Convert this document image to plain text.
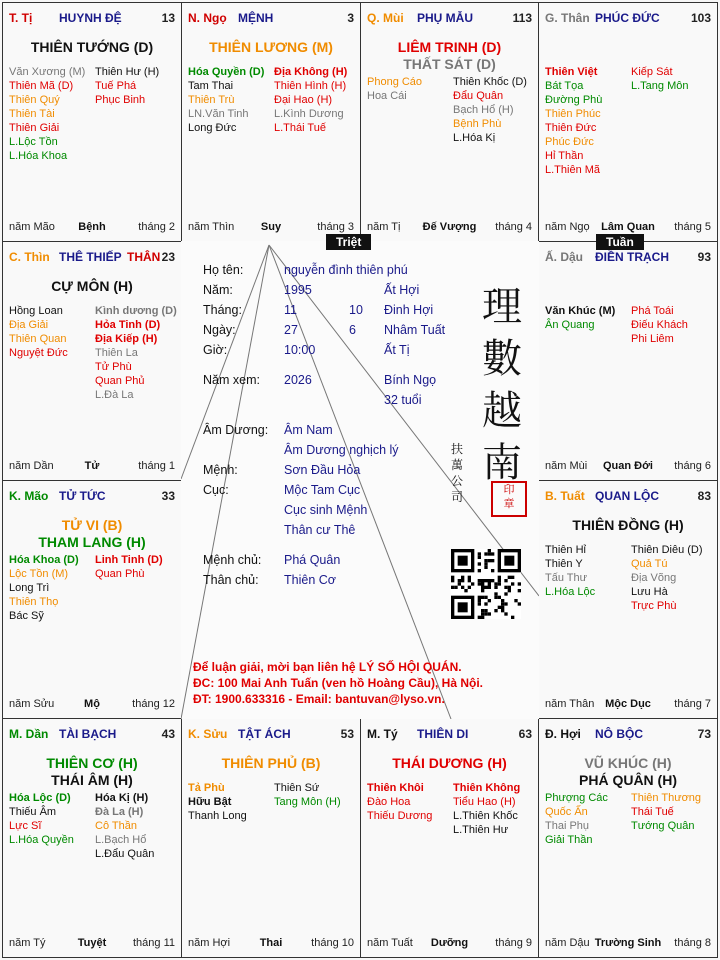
T. Tị HUYNH ĐỆ	13
THIÊN TƯỚNG (D)
Văn Xương (M)
Thiên Mã (D)
Thiên Quý
Thiên Tài
Thiên Giải
L.Lộc Tồn
L.Hóa Khoa
Thiên Hư (H)
Tuế Phá
Phục Binh
năm Mão	Bệnh	tháng 2
N. Ngọ MỆNH	3
THIÊN LƯƠNG (M)
Hóa Quyền (D)
Tam Thai
Thiên Trù
LN.Văn Tinh
Long Đức
Địa Không (H)
Thiên Hình (H)
Đại Hao (H)
L.Kình Dương
L.Thái Tuế
năm Thìn	Suy	tháng 3
Q. Mùi PHỤ MẪU	113
LIÊM TRINH (D)
THẤT SÁT (D)
Phong Cáo
Hoa Cái
Thiên Khốc (D)
Đẩu Quân
Bạch Hổ (H)
Bệnh Phù
L.Hóa Kị
năm Tị	Đế Vượng	tháng 4
G. Thân PHÚC ĐỨC	103
Thiên Việt
Bát Tọa
Đường Phù
Thiên Phúc
Thiên Đức
Phúc Đức
Hỉ Thần
L.Thiên Mã
Kiếp Sát
L.Tang Môn
năm Ngọ	Lâm Quan	tháng 5
C. Thìn THÊ THIẾP THÂN 23
CỰ MÔN (H)
Hồng Loan
Địa Giải
Thiên Quan
Nguyệt Đức
Kình dương (D)
Hỏa Tinh (D)
Địa Kiếp (H)
Thiên La
Tử Phù
Quan Phủ
L.Đà La
năm Dần	Tử	tháng 1
Ấ. Dậu ĐIỀN TRẠCH 93
Văn Khúc (M)
Ân Quang
Phá Toái
Điếu Khách
Phi Liêm
năm Mùi	Quan Đới	tháng 6
K. Mão TỬ TỨC	33
TỬ VI (B)
THAM LANG (H)
Hóa Khoa (D)
Lộc Tồn (M)
Long Trì
Thiên Thọ
Bác Sỹ
Linh Tinh (D)
Quan Phù
năm Sửu	Mộ	tháng 12
B. Tuất QUAN LỘC	83
THIÊN ĐỒNG (H)
Thiên Hỉ
Thiên Y
Tấu Thư
L.Hóa Lộc
Thiên Diêu (D)
Quả Tú
Địa Võng
Lưu Hà
Trực Phù
năm Thân Mộc Dục	tháng 7
M. Dần TÀI BẠCH	43
THIÊN CƠ (H)
THÁI ÂM (H)
Hóa Lộc (D)
Thiếu Âm
Lực Sĩ
L.Hóa Quyền
Hóa Kị (H)
Đà La (H)
Cô Thần
L.Bạch Hổ
L.Đẩu Quân
năm Tý	Tuyệt	tháng 11
K. Sửu TẬT ÁCH	53
THIÊN PHỦ (B)
Tả Phù
Hữu Bật
Thanh Long
Thiên Sứ
Tang Môn (H)
năm Hợi	Thai	tháng 10
M. Tý THIÊN DI	63
THÁI DƯƠNG (H)
Thiên Khôi
Đào Hoa
Thiếu Dương
Thiên Không
Tiểu Hao (H)
L.Thiên Khốc
L.Thiên Hư
năm Tuất	Dưỡng	tháng 9
Đ. Hợi NÔ BỘC	73
VŨ KHÚC (H)
PHÁ QUÂN (H)
Phượng Các
Quốc Ấn
Thai Phụ
Giải Thần
Thiên Thương
Thái Tuế
Tướng Quân
năm Dậu Trường Sinh	tháng 8
Họ tên:	nguyễn đình thiên phú
Năm:	1995	Ất Hợi
Tháng:	11	10 Đinh Hợi
Ngày:	27	6 Nhâm Tuất
Giờ:	10:00	Ất Tị
Năm xem: 2026	Bính Ngọ
32 tuổi
Âm Dương: Âm Nam
Âm Dương nghịch lý
Mệnh:	Sơn Đầu Hỏa
Cục:	Mộc Tam Cục
Cục sinh Mệnh
Thân cư Thê
Mệnh chủ: Phá Quân
Thân chủ: Thiên Cơ
理
數
越
南
扶
萬
公
司	印
章
Để luận giải, mời bạn liên hệ LÝ SỐ HỘI QUÁN.
ĐC: 100 Mai Anh Tuấn (ven hồ Hoàng Cầu), Hà Nội.
ĐT: 1900.633316 - Email: bantuvan@lyso.vn.
Triệt	Tuần
